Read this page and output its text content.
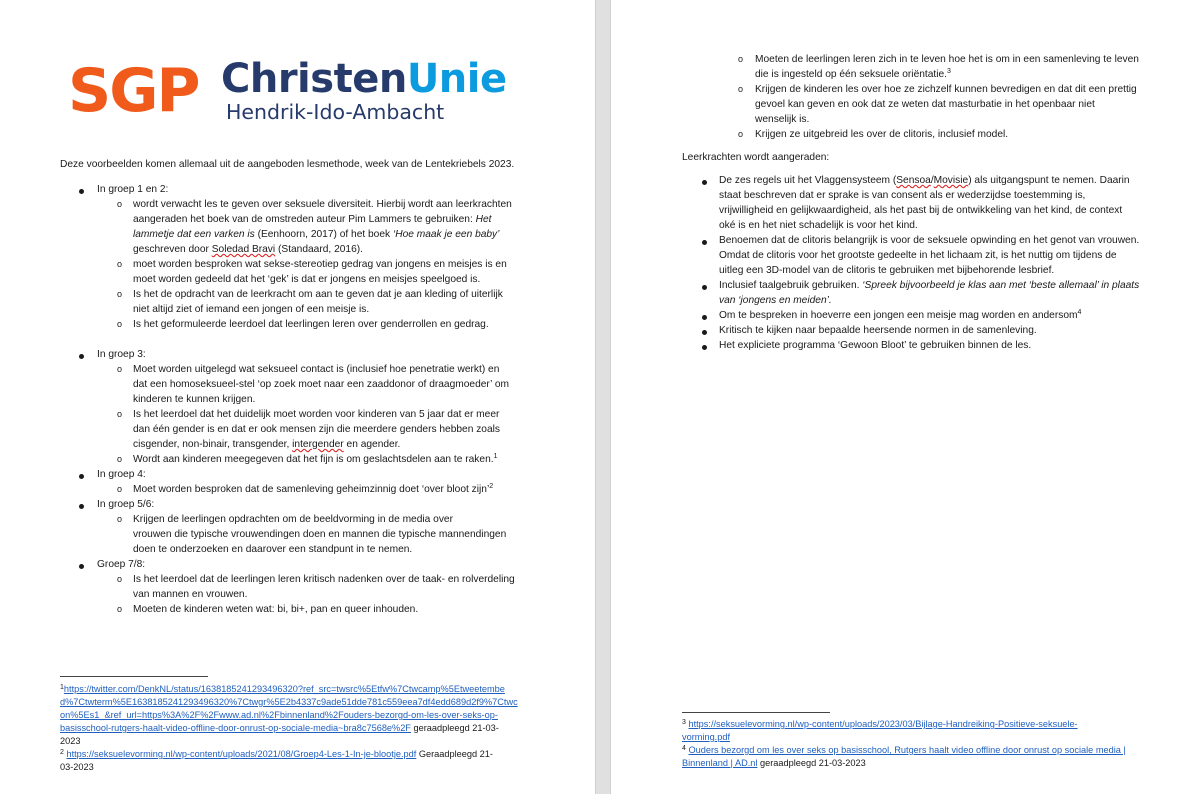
SGP ChristenUnie
Hendrik-Ido-Ambacht
Deze voorbeelden komen allemaal uit de aangeboden lesmethode, week van de Lentekriebels 2023.
In groep 1 en 2:
o wordt verwacht les te geven over seksuele diversiteit. Hierbij wordt aan leerkrachten
aangeraden het boek van de omstreden auteur Pim Lammers te gebruiken: Het
lammetje dat een varken is (Eenhoorn, 2017) of het boek ‘Hoe maak je een baby’
geschreven door Soledad Bravi (Standaard, 2016).
o moet worden besproken wat sekse-stereotiep gedrag van jongens en meisjes is en
moet worden gedeeld dat het ‘gek’ is dat er jongens en meisjes speelgoed is.
o Is het de opdracht van de leerkracht om aan te geven dat je aan kleding of uiterlijk
niet altijd ziet of iemand een jongen of een meisje is.
o Is het geformuleerde leerdoel dat leerlingen leren over genderrollen en gedrag.
In groep 3:
o Moet worden uitgelegd wat seksueel contact is (inclusief hoe penetratie werkt) en
dat een homoseksueel-stel ‘op zoek moet naar een zaaddonor of draagmoeder’ om
kinderen te kunnen krijgen.
o Is het leerdoel dat het duidelijk moet worden voor kinderen van 5 jaar dat er meer
dan één gender is en dat er ook mensen zijn die meerdere genders hebben zoals
cisgender, non-binair, transgender, intergender en agender.
o Wordt aan kinderen meegegeven dat het fijn is om geslachtsdelen aan te raken.$^1$
In groep 4:
o Moet worden besproken dat de samenleving geheimzinnig doet ‘over bloot zijn’$^2$
In groep 5/6:
o Krijgen de leerlingen opdrachten om de beeldvorming in de media over
vrouwen die typische vrouwendingen doen en mannen die typische mannendingen
doen te onderzoeken en daarover een standpunt in te nemen.
Groep 7/8:
o Is het leerdoel dat de leerlingen leren kritisch nadenken over de taak- en rolverdeling
van mannen en vrouwen.
o Moeten de kinderen weten wat: bi, bi+, pan en queer inhouden.
$^1$https://twitter.com/DenkNL/status/1638185241293496320?ref_src=twsrc%5Etfw%7Ctwcamp%5Etweetembe
d%7Ctwterm%5E1638185241293496320%7Ctwgr%5E2b4337c9ade51dde781c559eea7df4edd689d2f9%7Ctwc
on%5Es1_&ref_url=https%3A%2F%2Fwww.ad.nl%2Fbinnenland%2Fouders-bezorgd-om-les-over-seks-op-
basisschool-rutgers-haalt-video-offline-door-onrust-op-sociale-media~bra8c7568e%2F geraadpleegd 21-03-
2023
$^2$ https://seksuelevorming.nl/wp-content/uploads/2021/08/Groep4-Les-1-In-je-blootje.pdf Geraadpleegd 21-
03-2023
o Moeten de leerlingen leren zich in te leven hoe het is om in een samenleving te leven
die is ingesteld op één seksuele oriëntatie.$^3$
o Krijgen de kinderen les over hoe ze zichzelf kunnen bevredigen en dat dit een prettig
gevoel kan geven en ook dat ze weten dat masturbatie in het openbaar niet
wenselijk is.
o Krijgen ze uitgebreid les over de clitoris, inclusief model.
Leerkrachten wordt aangeraden:
De zes regels uit het Vlaggensysteem (Sensoa/Movisie) als uitgangspunt te nemen. Daarin
staat beschreven dat er sprake is van consent als er wederzijdse toestemming is,
vrijwilligheid en gelijkwaardigheid, als het past bij de ontwikkeling van het kind, de context
oké is en het niet schadelijk is voor het kind.
Benoemen dat de clitoris belangrijk is voor de seksuele opwinding en het genot van vrouwen.
Omdat de clitoris voor het grootste gedeelte in het lichaam zit, is het nuttig om tijdens de
uitleg een 3D-model van de clitoris te gebruiken met bijbehorende lesbrief.
Inclusief taalgebruik gebruiken. ‘Spreek bijvoorbeeld je klas aan met ‘beste allemaal’ in plaats
van ‘jongens en meiden’.
Om te bespreken in hoeverre een jongen een meisje mag worden en andersom$^4$
Kritisch te kijken naar bepaalde heersende normen in de samenleving.
Het expliciete programma ‘Gewoon Bloot’ te gebruiken binnen de les.
$^3$ https://seksuelevorming.nl/wp-content/uploads/2023/03/Bijlage-Handreiking-Positieve-seksuele-
vorming.pdf
$^4$ Ouders bezorgd om les over seks op basisschool, Rutgers haalt video offline door onrust op sociale media |
Binnenland | AD.nl geraadpleegd 21-03-2023
